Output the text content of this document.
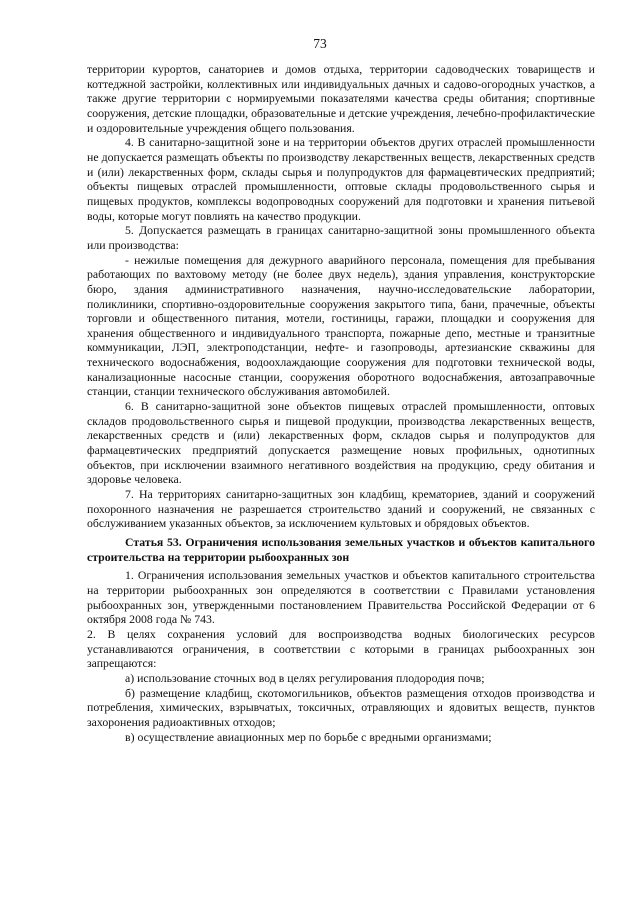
73

территории курортов, санаториев и домов отдыха, территории садоводческих товариществ и коттеджной застройки, коллективных или индивидуальных дачных и садово-огородных участков, а также другие территории с нормируемыми показателями качества среды обитания; спортивные сооружения, детские площадки, образовательные и детские учреждения, лечебно-профилактические и оздоровительные учреждения общего пользования.

4. В санитарно-защитной зоне и на территории объектов других отраслей промышленности не допускается размещать объекты по производству лекарственных веществ, лекарственных средств и (или) лекарственных форм, склады сырья и полупродуктов для фармацевтических предприятий; объекты пищевых отраслей промышленности, оптовые склады продовольственного сырья и пищевых продуктов, комплексы водопроводных сооружений для подготовки и хранения питьевой воды, которые могут повлиять на качество продукции.

5. Допускается размещать в границах санитарно-защитной зоны промышленного объекта или производства:

- нежилые помещения для дежурного аварийного персонала, помещения для пребывания работающих по вахтовому методу (не более двух недель), здания управления, конструкторские бюро, здания административного назначения, научно-исследовательские лаборатории, поликлиники, спортивно-оздоровительные сооружения закрытого типа, бани, прачечные, объекты торговли и общественного питания, мотели, гостиницы, гаражи, площадки и сооружения для хранения общественного и индивидуального транспорта, пожарные депо, местные и транзитные коммуникации, ЛЭП, электроподстанции, нефте- и газопроводы, артезианские скважины для технического водоснабжения, водоохлаждающие сооружения для подготовки технической воды, канализационные насосные станции, сооружения оборотного водоснабжения, автозаправочные станции, станции технического обслуживания автомобилей.

6. В санитарно-защитной зоне объектов пищевых отраслей промышленности, оптовых складов продовольственного сырья и пищевой продукции, производства лекарственных веществ, лекарственных средств и (или) лекарственных форм, складов сырья и полупродуктов для фармацевтических предприятий допускается размещение новых профильных, однотипных объектов, при исключении взаимного негативного воздействия на продукцию, среду обитания и здоровье человека.

7. На территориях санитарно-защитных зон кладбищ, крематориев, зданий и сооружений похоронного назначения не разрешается строительство зданий и сооружений, не связанных с обслуживанием указанных объектов, за исключением культовых и обрядовых объектов.

Статья 53. Ограничения использования земельных участков и объектов капитального строительства на территории рыбоохранных зон

1. Ограничения использования земельных участков и объектов капитального строительства на территории рыбоохранных зон определяются в соответствии с Правилами установления рыбоохранных зон, утвержденными постановлением Правительства Российской Федерации от 6 октября 2008 года № 743.

2. В целях сохранения условий для воспроизводства водных биологических ресурсов устанавливаются ограничения, в соответствии с которыми в границах рыбоохранных зон запрещаются:

а) использование сточных вод в целях регулирования плодородия почв;

б) размещение кладбищ, скотомогильников, объектов размещения отходов производства и потребления, химических, взрывчатых, токсичных, отравляющих и ядовитых веществ, пунктов захоронения радиоактивных отходов;

в) осуществление авиационных мер по борьбе с вредными организмами;
